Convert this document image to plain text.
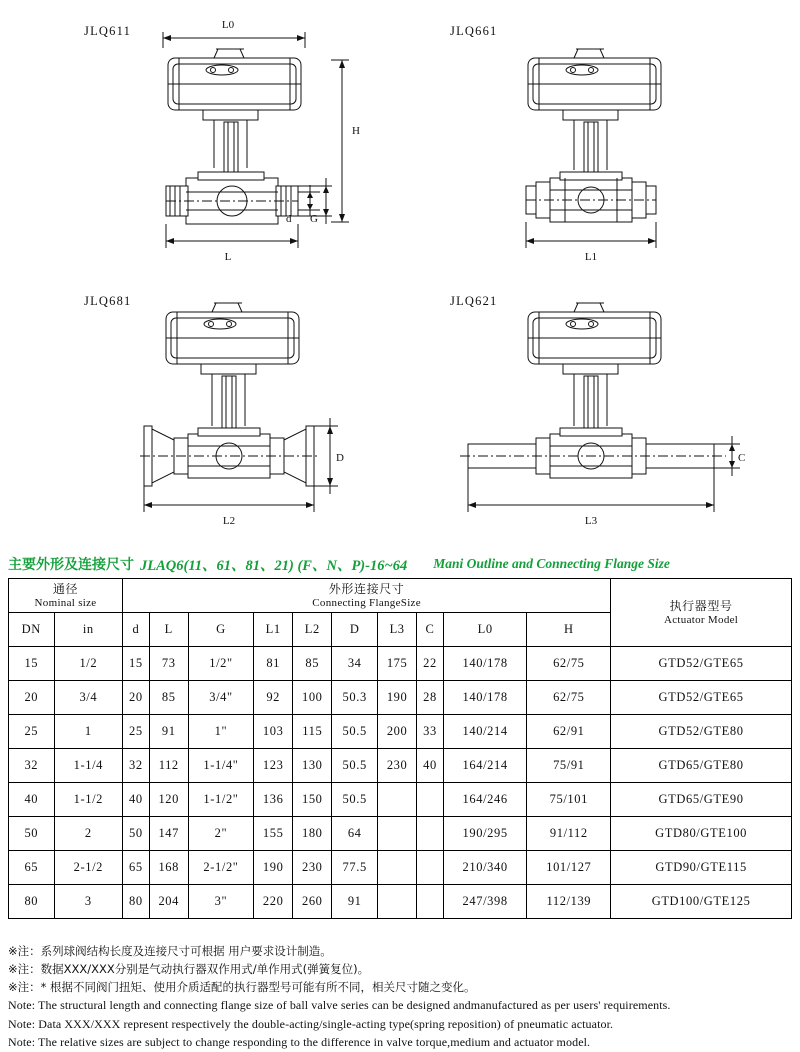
JLQ611	L0
H
d G
L
JLQ661
L1
JLQ681
D
L2
JLQ621
C
L3
主要外形及连接尺寸 JLAQ6(11、61、81、21) (F、N、P)-16~64 Mani Outline and Connecting Flange Size
通径
Nominal size		外形连接尺寸
Connecting FlangeSize										执行器型号
Actuator Model

DN	in	d	L	G	L1	L2	D	L3	C	L0	H	
15	1/2	15	73	1/2"	81	85	34	175	22	140/178	62/75	GTD52/GTE65
20	3/4	20	85	3/4"	92	100	50.3	190	28	140/178	62/75	GTD52/GTE65
25	1	25	91	1"	103	115	50.5	200	33	140/214	62/91	GTD52/GTE80
32	1-1/4	32	112	1-1/4"	123	130	50.5	230	40	164/214	75/91	GTD65/GTE80
40	1-1/2	40	120	1-1/2"	136	150	50.5			164/246	75/101	GTD65/GTE90
50	2	50	147	2"	155	180	64			190/295	91/112	GTD80/GTE100
65	2-1/2	65	168	2-1/2"	190	230	77.5			210/340	101/127	GTD90/GTE115
80	3	80	204	3"	220	260	91			247/398	112/139	GTD100/GTE125
※注：系列球阀结构长度及连接尺寸可根据 用户要求设计制造。
※注：数据XXX/XXX分别是气动执行器双作用式/单作用式(弹簧复位)。
※注：* 根据不同阀门扭矩、使用介质适配的执行器型号可能有所不同，相关尺寸随之变化。
Note: The structural length and connecting flange size of ball valve series can be designed andmanufactured as per users' requirements.
Note: Data XXX/XXX represent respectively the double-acting/single-acting type(spring reposition) of pneumatic actuator.
Note: The relative sizes are subject to change responding to the difference in valve torque,medium and actuator model.
